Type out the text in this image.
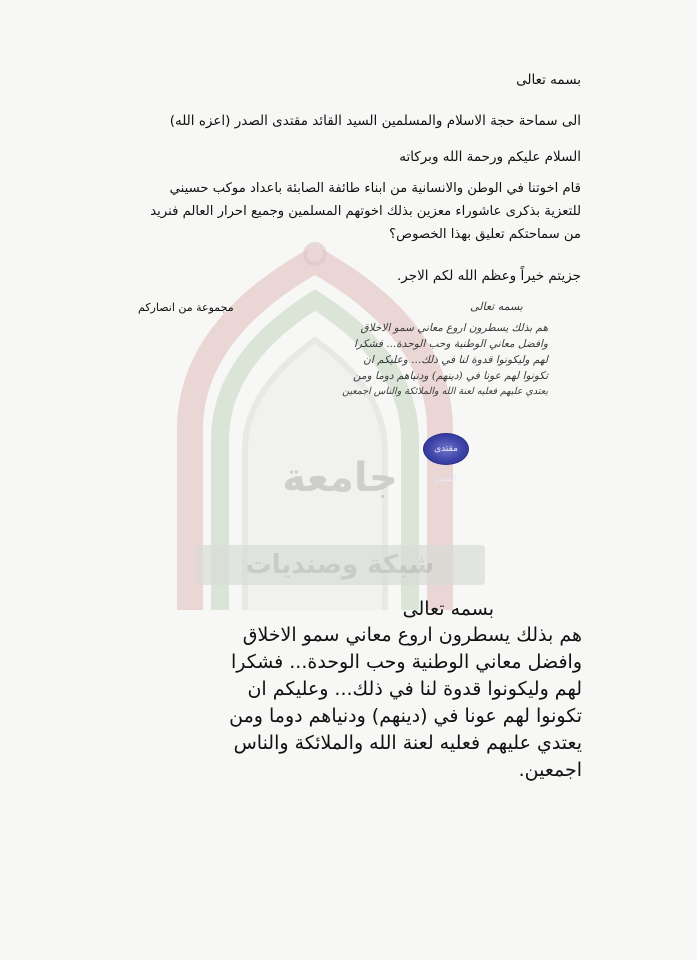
جامعة
شبكة وصنديات
بسمه تعالى
الى سماحة حجة الاسلام والمسلمين السيد القائد مقتدى الصدر (اعزه الله)
السلام عليكم ورحمة الله وبركاته
قام اخوتنا في الوطن والانسانية من ابناء طائفة الصابئة باعداد موكب حسيني
للتعزية بذكرى عاشوراء معزين بذلك اخوتهم المسلمين وجميع احرار العالم فنريد
من سماحتكم تعليق بهذا الخصوص؟
جزيتم خيراً وعظم الله لكم الاجر.
مجموعة من انصاركم	بسمه تعالى
هم بذلك يسطرون اروع معاني سمو الاخلاق
وافضل معاني الوطنية وحب الوحدة... فشكرا
لهم وليكونوا قدوة لنا في ذلك... وعليكم ان
تكونوا لهم عونا في (دينهم) ودنياهم دوما ومن
يعتدي عليهم فعليه لعنة الله والملائكة والناس اجمعين
مقتدى الصدر
بسمه تعالى
هم بذلك يسطرون اروع معاني سمو الاخلاق
وافضل معاني الوطنية وحب الوحدة... فشكرا
لهم وليكونوا قدوة لنا في ذلك... وعليكم ان
تكونوا لهم عونا في (دينهم) ودنياهم دوما ومن
يعتدي عليهم فعليه لعنة الله والملائكة والناس
اجمعين.
